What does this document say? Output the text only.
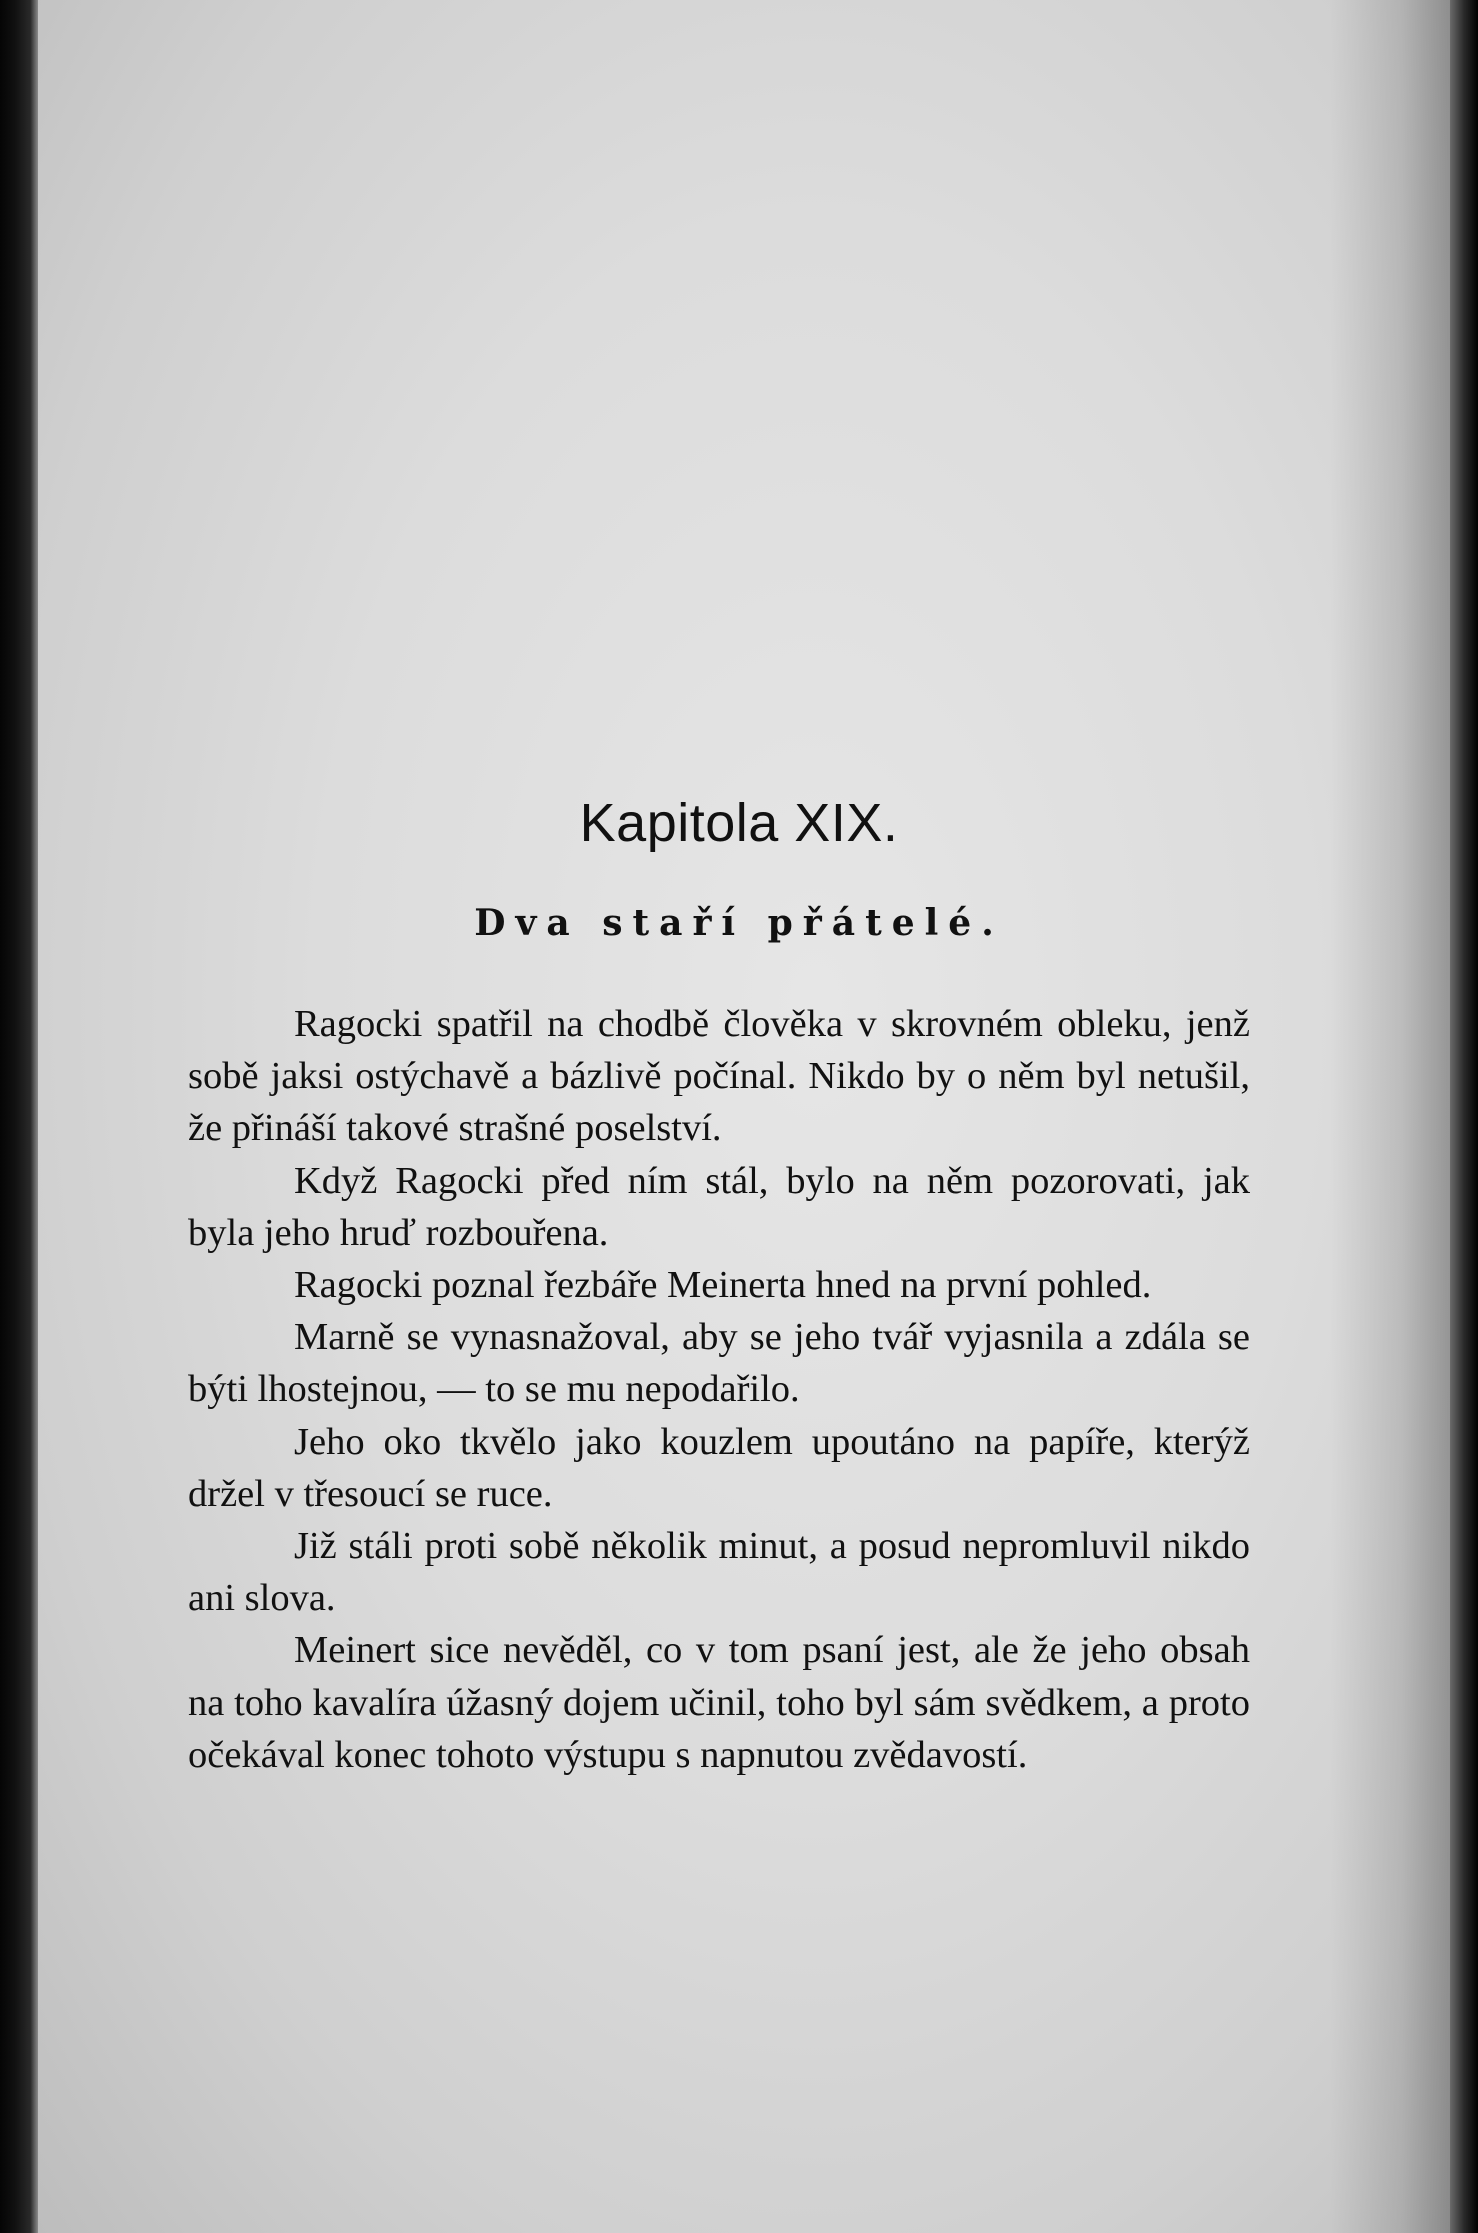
Kapitola XIX.
Dva staří přátelé.

Ragocki spatřil na chodbě člověka v skrovném obleku, jenž sobě jaksi ostýchavě a bázlivě počínal. Nikdo by o něm byl netušil, že přináší takové strašné poselství.

Když Ragocki před ním stál, bylo na něm pozorovati, jak byla jeho hruď rozbouřena.

Ragocki poznal řezbáře Meinerta hned na první pohled.

Marně se vynasnažoval, aby se jeho tvář vyjasnila a zdála se býti lhostejnou, — to se mu nepodařilo.

Jeho oko tkvělo jako kouzlem upoutáno na papíře, kterýž držel v třesoucí se ruce.

Již stáli proti sobě několik minut, a posud nepromluvil nikdo ani slova.

Meinert sice nevěděl, co v tom psaní jest, ale že jeho obsah na toho kavalíra úžasný dojem učinil, toho byl sám svědkem, a proto očekával konec tohoto výstupu s napnutou zvědavostí.
